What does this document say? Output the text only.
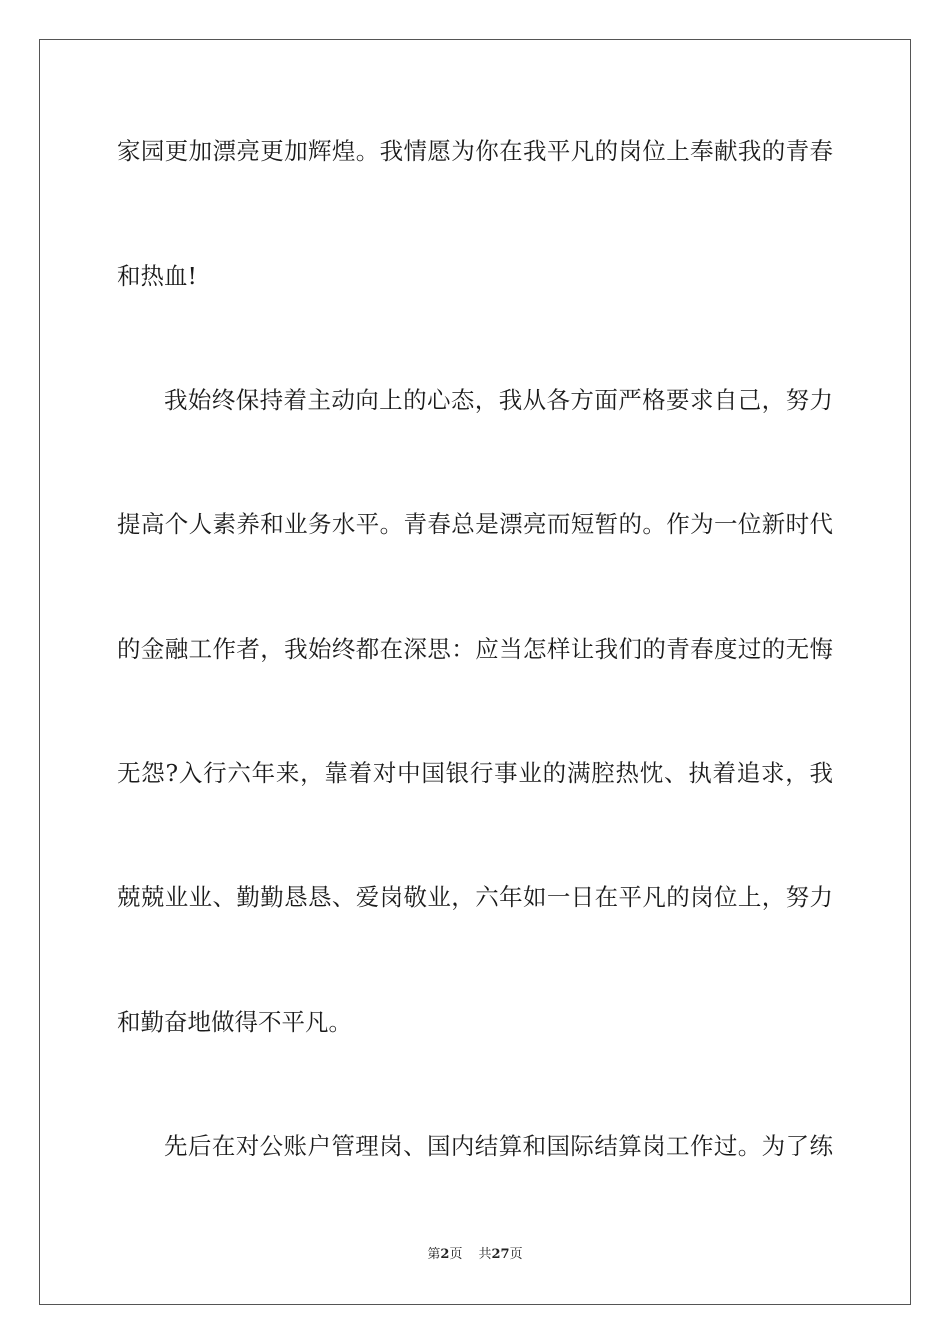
家园更加漂亮更加辉煌。我情愿为你在我平凡的岗位上奉献我的青春
和热血!
我始终保持着主动向上的心态，我从各方面严格要求自己，努力
提高个人素养和业务水平。青春总是漂亮而短暂的。作为一位新时代
的金融工作者，我始终都在深思：应当怎样让我们的青春度过的无悔
无怨?入行六年来，靠着对中国银行事业的满腔热忱、执着追求，我
兢兢业业、勤勤恳恳、爱岗敬业，六年如一日在平凡的岗位上，努力
和勤奋地做得不平凡。
先后在对公账户管理岗、国内结算和国际结算岗工作过。为了练
第2页 共27页
